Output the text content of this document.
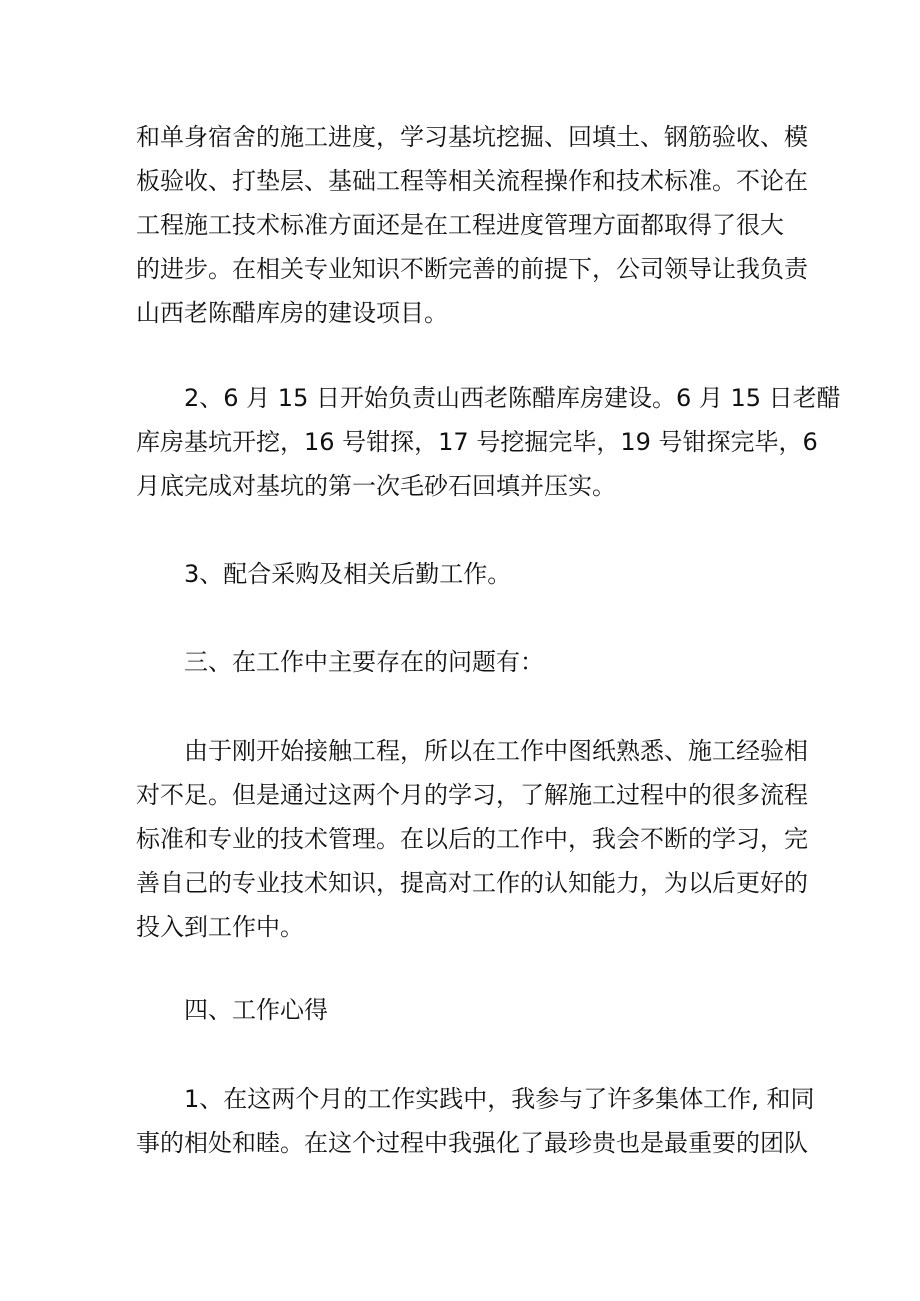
和单身宿舍的施工进度，学习基坑挖掘、回填土、钢筋验收、模
板验收、打垫层、基础工程等相关流程操作和技术标准。不论在
工程施工技术标准方面还是在工程进度管理方面都取得了很大
的进步。在相关专业知识不断完善的前提下，公司领导让我负责
山西老陈醋库房的建设项目。

2、6 月 15 日开始负责山西老陈醋库房建设。6 月 15 日老醋
库房基坑开挖，16 号钳探，17 号挖掘完毕，19 号钳探完毕，6
月底完成对基坑的第一次毛砂石回填并压实。

3、配合采购及相关后勤工作。

三、在工作中主要存在的问题有：

由于刚开始接触工程，所以在工作中图纸熟悉、施工经验相
对不足。但是通过这两个月的学习，了解施工过程中的很多流程
标准和专业的技术管理。在以后的工作中，我会不断的学习，完
善自己的专业技术知识，提高对工作的认知能力，为以后更好的
投入到工作中。

四、工作心得

1、在这两个月的工作实践中，我参与了许多集体工作, 和同
事的相处和睦。在这个过程中我强化了最珍贵也是最重要的团队
